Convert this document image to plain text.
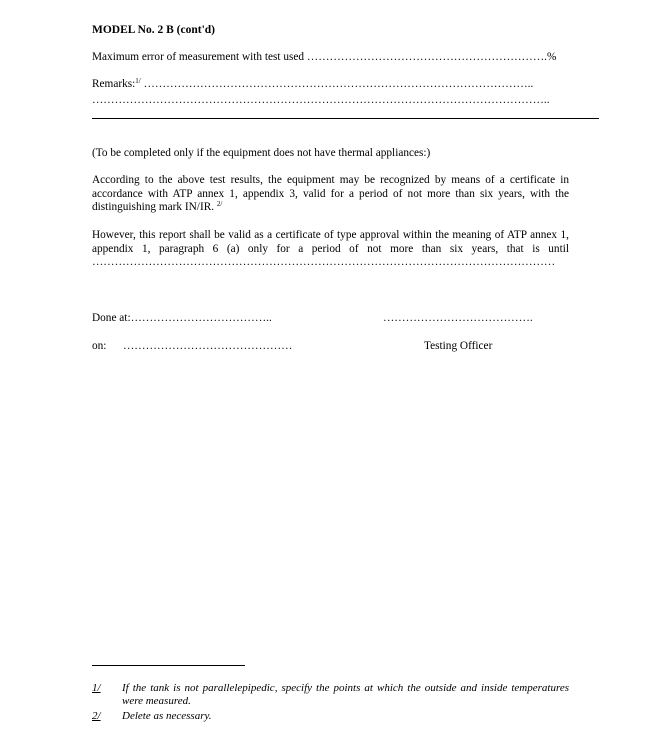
MODEL No. 2 B (cont'd)

Maximum error of measurement with test used ……………………………………………………….%

Remarks:$^{1/}$ …………………………………………………………………………………………..

…………………………………………………………………………………………………………..

(To be completed only if the equipment does not have thermal appliances:)

According to the above test results, the equipment may be recognized by means of a certificate in accordance with ATP annex 1, appendix 3, valid for a period of not more than six years, with the distinguishing mark IN/IR. $^{2/}$

However, this report shall be valid as a certificate of type approval within the meaning of ATP annex 1, appendix 1, paragraph 6 (a) only for a period of not more than six years, that is until ……………………………………………………………………………………………………………

Done at:………………………………..	………………………………….

on: ………………………………………	Testing Officer

1/ If the tank is not parallelepipedic, specify the points at which the outside and inside temperatures were measured.
2/ Delete as necessary.
